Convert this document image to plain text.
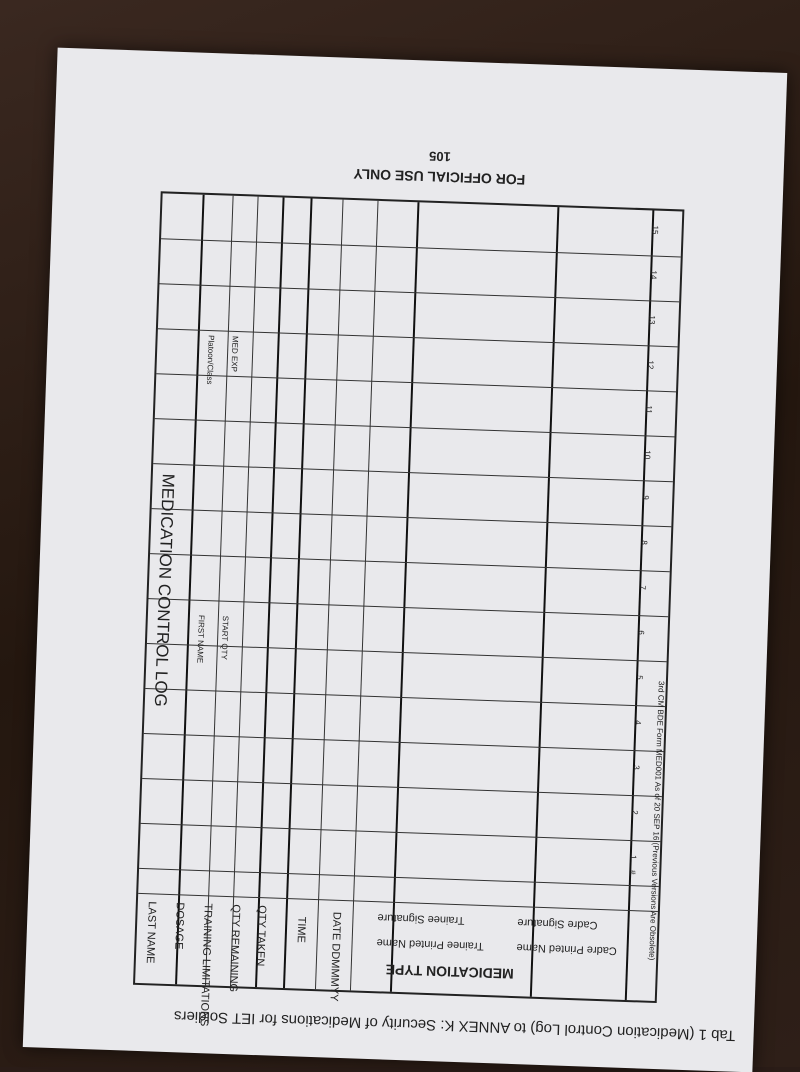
Tab 1 (Medication Control Log) to ANNEX K: Security of Medications for IET Soldiers
FOR OFFICIAL USE ONLY
105
LAST NAME DOSAGE TRAINING LIMITATIONS QTY REMAINING QTY TAKEN TIME DATE DDMMMYY	Trainee Signature
Trainee Printed Name
Cadre Signature
Cadre Printed Name
MEDICATION TYPE
MEDICATION CONTROL LOG FIRST NAME START QTY
Platoon/Class MED EXP
#
1
2
3
4
5
6
7
8
9
10
11
12
13
14
15
3rd CM BDE Form MED001 As of 20 SEP 16 (Previous Versions Are Obsolete)
